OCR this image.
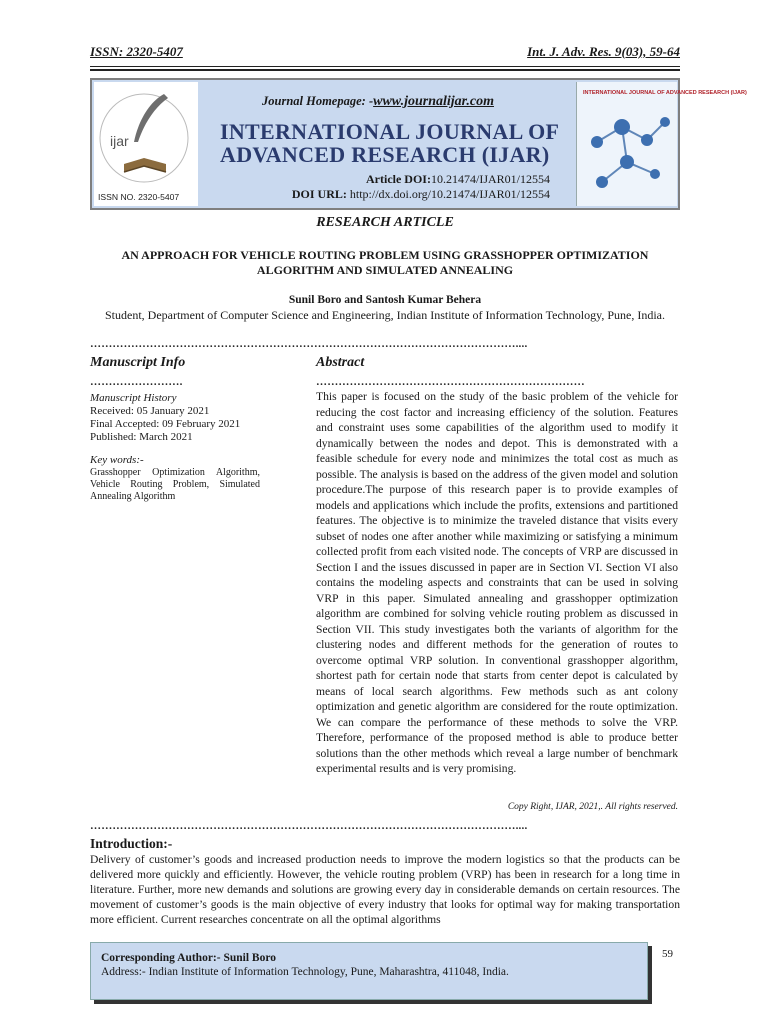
ISSN: 2320-5407	Int. J. Adv. Res. 9(03), 59-64
ijar
ISSN NO. 2320-5407
Journal Homepage: -www.journalijar.com
INTERNATIONAL JOURNAL OF ADVANCED RESEARCH (IJAR)
Article DOI:10.21474/IJAR01/12554
DOI URL: http://dx.doi.org/10.21474/IJAR01/12554
INTERNATIONAL JOURNAL OF ADVANCED RESEARCH (IJAR)
RESEARCH ARTICLE
AN APPROACH FOR VEHICLE ROUTING PROBLEM USING GRASSHOPPER OPTIMIZATION ALGORITHM AND SIMULATED ANNEALING
Sunil Boro and Santosh Kumar Behera
Student, Department of Computer Science and Engineering, Indian Institute of Information Technology, Pune, India.
……………………………………………………………………………………………………....
Manuscript Info	Abstract
…………………….	………………………………………………………………
Manuscript History
Received: 05 January 2021
Final Accepted: 09 February 2021
Published: March 2021
Key words:-
Grasshopper Optimization Algorithm, Vehicle Routing Problem, Simulated Annealing Algorithm
This paper is focused on the study of the basic problem of the vehicle for reducing the cost factor and increasing efficiency of the solution. Features and constraint uses some capabilities of the algorithm used to modify it dynamically between the nodes and depot. This is demonstrated with a feasible schedule for every node and minimizes the total cost as much as possible. The analysis is based on the address of the given model and solution procedure.The purpose of this research paper is to provide examples of models and applications which include the profits, extensions and partitioned features. The objective is to minimize the traveled distance that visits every subset of nodes one after another while maximizing or satisfying a minimum collected profit from each visited node. The concepts of VRP are discussed in Section I and the issues discussed in paper are in Section VI. Section VI also contains the modeling aspects and constraints that can be used in solving VRP in this paper. Simulated annealing and grasshopper optimization algorithm are combined for solving vehicle routing problem as discussed in Section VII. This study investigates both the variants of algorithm for the clustering nodes and different methods for the generation of routes to overcome optimal VRP solution. In conventional grasshopper algorithm, shortest path for certain node that starts from center depot is calculated by means of local search algorithms. Few methods such as ant colony optimization and genetic algorithm are considered for the route optimization. We can compare the performance of these methods to solve the VRP. Therefore, performance of the proposed method is able to produce better solutions than the other methods which reveal a large number of benchmark experimental results and is very promising.
Copy Right, IJAR, 2021,. All rights reserved.
……………………………………………………………………………………………………....
Introduction:-
Delivery of customer’s goods and increased production needs to improve the modern logistics so that the products can be delivered more quickly and efficiently. However, the vehicle routing problem (VRP) has been in research for a long time in literature. Further, more new demands and solutions are growing every day in considerable demands on certain resources. The movement of customer’s goods is the main objective of every industry that looks for optimal way for making transportation more efficient. Current researches concentrate on all the optimal algorithms
Corresponding Author:- Sunil Boro
Address:- Indian Institute of Information Technology, Pune, Maharashtra, 411048, India.
59
